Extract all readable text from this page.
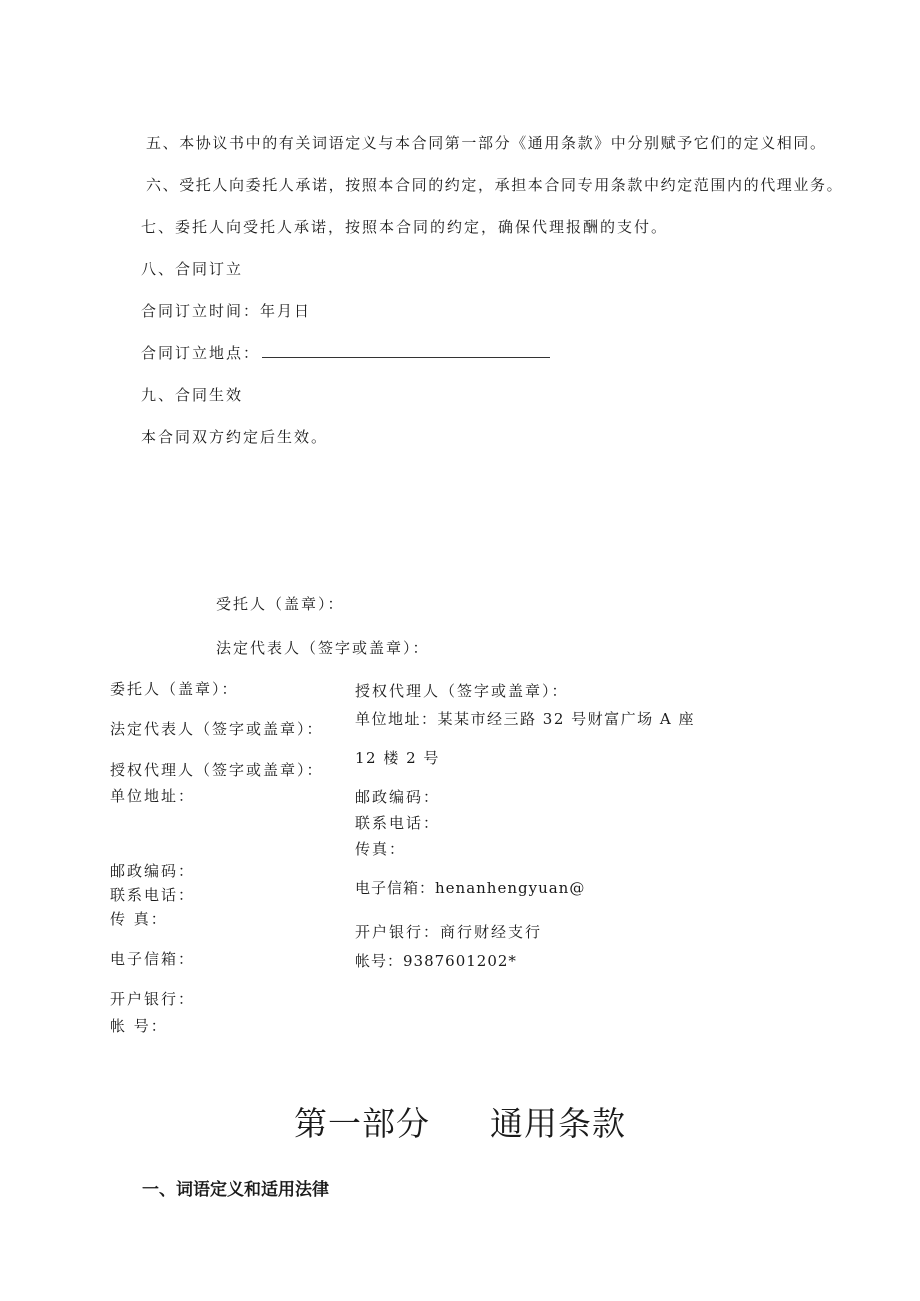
五、本协议书中的有关词语定义与本合同第一部分《通用条款》中分别赋予它们的定义相同。
六、受托人向委托人承诺，按照本合同的约定，承担本合同专用条款中约定范围内的代理业务。
七、委托人向受托人承诺，按照本合同的约定，确保代理报酬的支付。
八、合同订立
合同订立时间：年月日
合同订立地点：
九、合同生效
本合同双方约定后生效。
受托人（盖章）：
法定代表人（签字或盖章）：
委托人（盖章）：
法定代表人（签字或盖章）：
授权代理人（签字或盖章）：
单位地址：
邮政编码：
联系电话：
传 真：
电子信箱：
开户银行：
帐 号：
授权代理人（签字或盖章）：
单位地址：某某市经三路 32 号财富广场 A 座
12 楼 2 号
邮政编码：
联系电话：
传真：
电子信箱：henanhengyuan@
开户银行：商行财经支行
帐号：9387601202*
第一部分 通用条款
一、词语定义和适用法律
